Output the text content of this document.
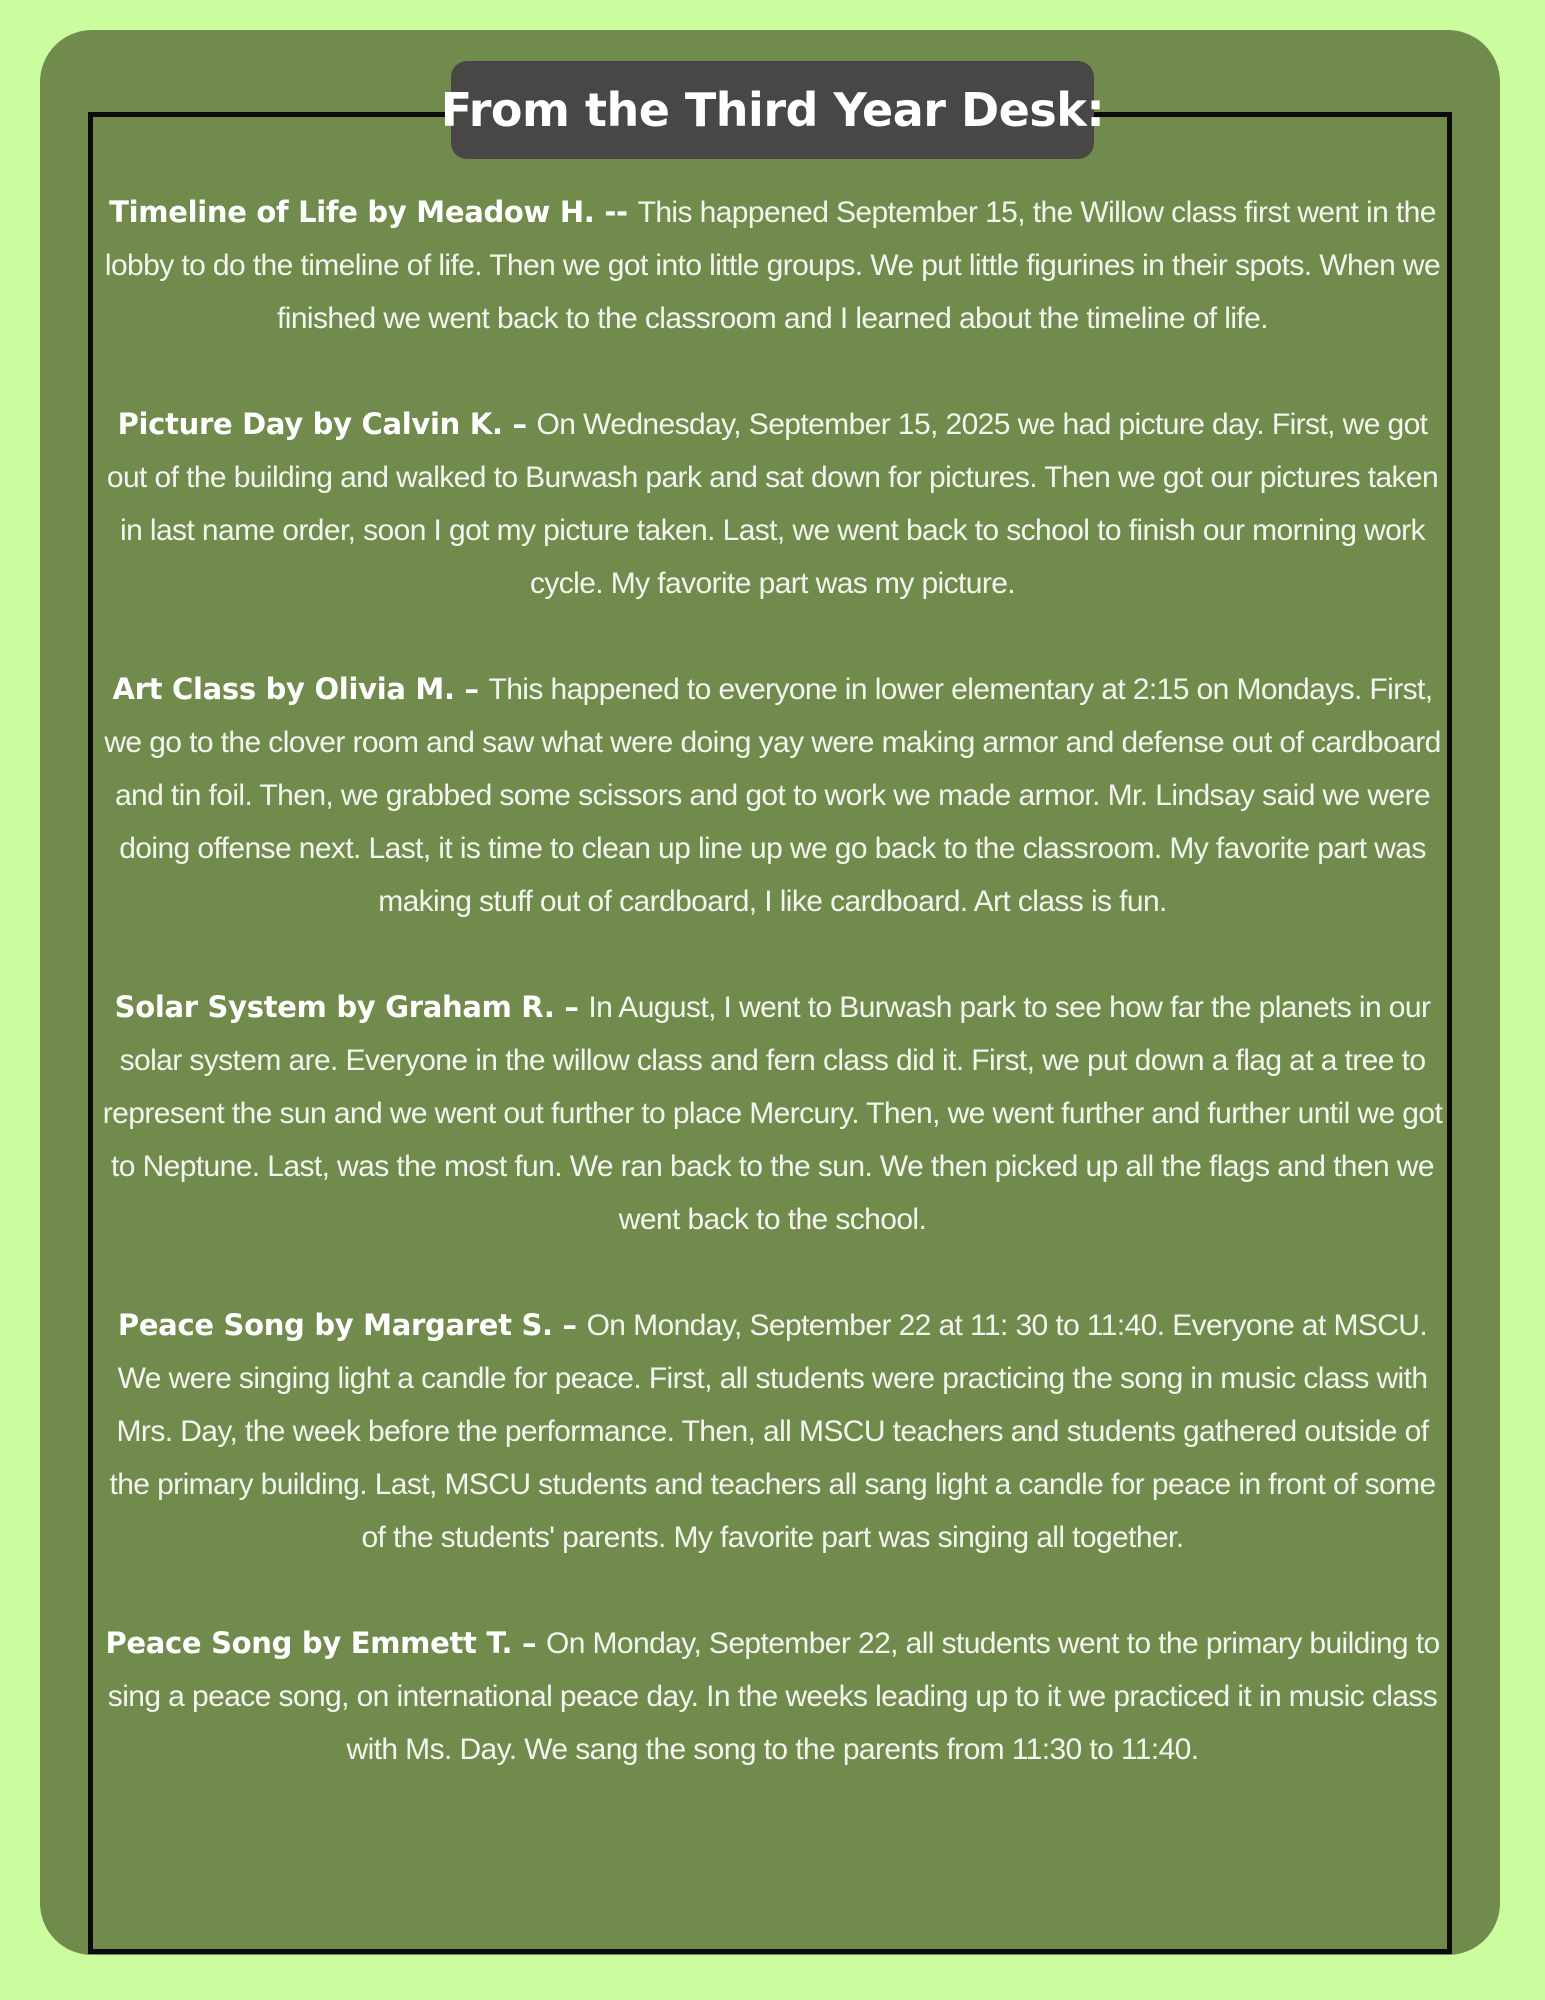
From the Third Year Desk:

Timeline of Life by Meadow H. -- This happened September 15, the Willow class first went in the lobby to do the timeline of life. Then we got into little groups. We put little figurines in their spots. When we finished we went back to the classroom and I learned about the timeline of life.

Picture Day by Calvin K. – On Wednesday, September 15, 2025 we had picture day. First, we got out of the building and walked to Burwash park and sat down for pictures. Then we got our pictures taken in last name order, soon I got my picture taken. Last, we went back to school to finish our morning work cycle. My favorite part was my picture.

Art Class by Olivia M. – This happened to everyone in lower elementary at 2:15 on Mondays. First, we go to the clover room and saw what were doing yay were making armor and defense out of cardboard and tin foil. Then, we grabbed some scissors and got to work we made armor. Mr. Lindsay said we were doing offense next. Last, it is time to clean up line up we go back to the classroom. My favorite part was making stuff out of cardboard, I like cardboard. Art class is fun.

Solar System by Graham R. – In August, I went to Burwash park to see how far the planets in our solar system are. Everyone in the willow class and fern class did it. First, we put down a flag at a tree to represent the sun and we went out further to place Mercury. Then, we went further and further until we got to Neptune. Last, was the most fun. We ran back to the sun. We then picked up all the flags and then we went back to the school.

Peace Song by Margaret S. – On Monday, September 22 at 11: 30 to 11:40. Everyone at MSCU. We were singing light a candle for peace. First, all students were practicing the song in music class with Mrs. Day, the week before the performance. Then, all MSCU teachers and students gathered outside of the primary building. Last, MSCU students and teachers all sang light a candle for peace in front of some of the students' parents. My favorite part was singing all together.

Peace Song by Emmett T. – On Monday, September 22, all students went to the primary building to sing a peace song, on international peace day. In the weeks leading up to it we practiced it in music class with Ms. Day. We sang the song to the parents from 11:30 to 11:40.
